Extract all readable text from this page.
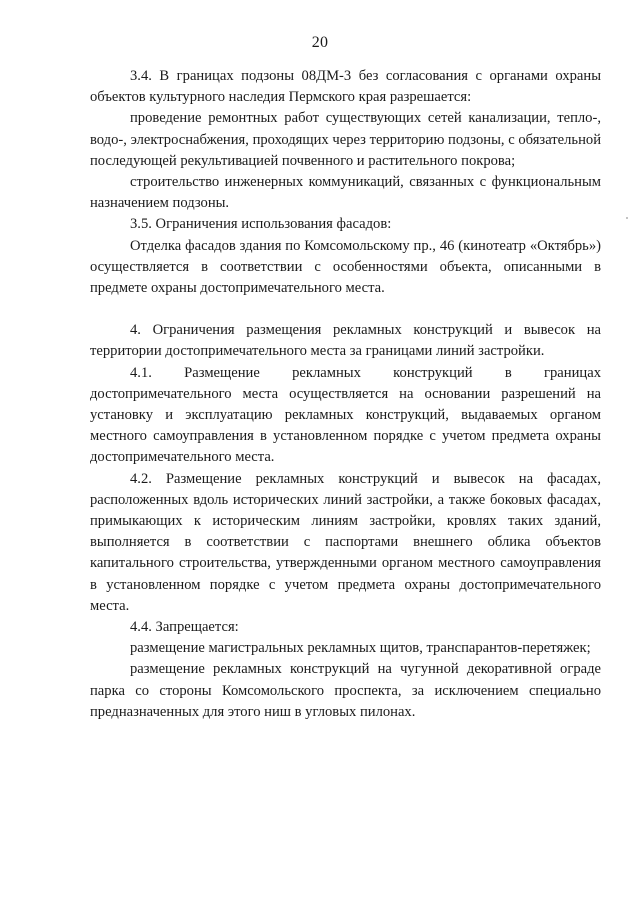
20

3.4. В границах подзоны 08ДМ-3 без согласования с органами охраны объектов культурного наследия Пермского края разрешается:

проведение ремонтных работ существующих сетей канализации, тепло-, водо-, электроснабжения, проходящих через территорию подзоны, с обязательной последующей рекультивацией почвенного и растительного покрова;

строительство инженерных коммуникаций, связанных с функциональным назначением подзоны.

3.5. Ограничения использования фасадов:

Отделка фасадов здания по Комсомольскому пр., 46 (кинотеатр «Октябрь») осуществляется в соответствии с особенностями объекта, описанными в предмете охраны достопримечательного места.

4. Ограничения размещения рекламных конструкций и вывесок на территории достопримечательного места за границами линий застройки.

4.1. Размещение рекламных конструкций в границах достопримечательного места осуществляется на основании разрешений на установку и эксплуатацию рекламных конструкций, выдаваемых органом местного самоуправления в установленном порядке с учетом предмета охраны достопримечательного места.

4.2. Размещение рекламных конструкций и вывесок на фасадах, расположенных вдоль исторических линий застройки, а также боковых фасадах, примыкающих к историческим линиям застройки, кровлях таких зданий, выполняется в соответствии с паспортами внешнего облика объектов капитального строительства, утвержденными органом местного самоуправления в установленном порядке с учетом предмета охраны достопримечательного места.

4.4. Запрещается:

размещение магистральных рекламных щитов, транспарантов-перетяжек;

размещение рекламных конструкций на чугунной декоративной ограде парка со стороны Комсомольского проспекта, за исключением специально предназначенных для этого ниш в угловых пилонах.
